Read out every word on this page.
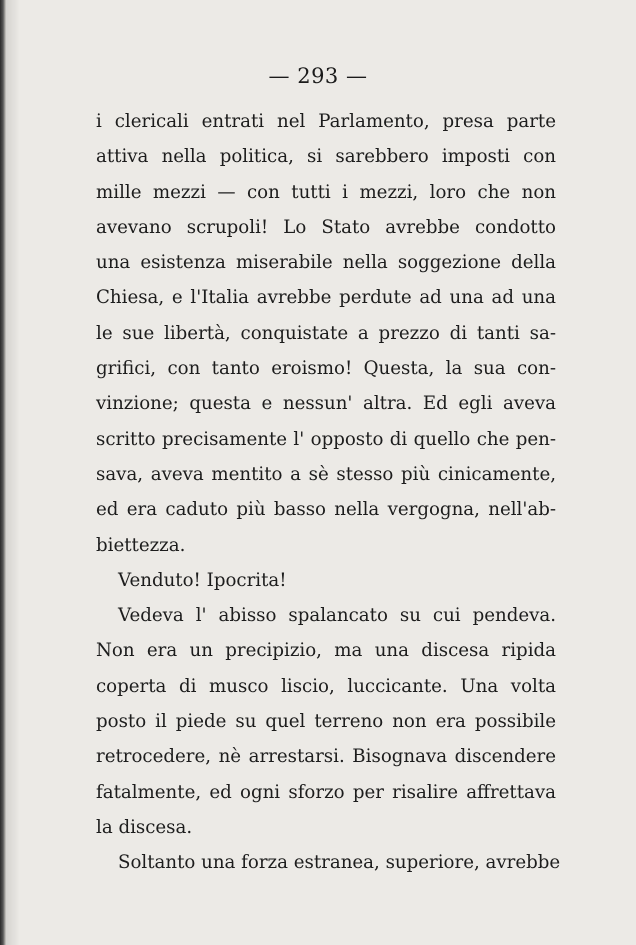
— 293 —
i clericali entrati nel Parlamento, presa parte
attiva nella politica, si sarebbero imposti con
mille mezzi — con tutti i mezzi, loro che non
avevano scrupoli! Lo Stato avrebbe condotto
una esistenza miserabile nella soggezione della
Chiesa, e l'Italia avrebbe perdute ad una ad una
le sue libertà, conquistate a prezzo di tanti sa-
grifici, con tanto eroismo! Questa, la sua con-
vinzione; questa e nessun' altra. Ed egli aveva
scritto precisamente l' opposto di quello che pen-
sava, aveva mentito a sè stesso più cinicamente,
ed era caduto più basso nella vergogna, nell'ab-
biettezza.
Venduto! Ipocrita!
Vedeva l' abisso spalancato su cui pendeva.
Non era un precipizio, ma una discesa ripida
coperta di musco liscio, luccicante. Una volta
posto il piede su quel terreno non era possibile
retrocedere, nè arrestarsi. Bisognava discendere
fatalmente, ed ogni sforzo per risalire affrettava
la discesa.
Soltanto una forza estranea, superiore, avrebbe
